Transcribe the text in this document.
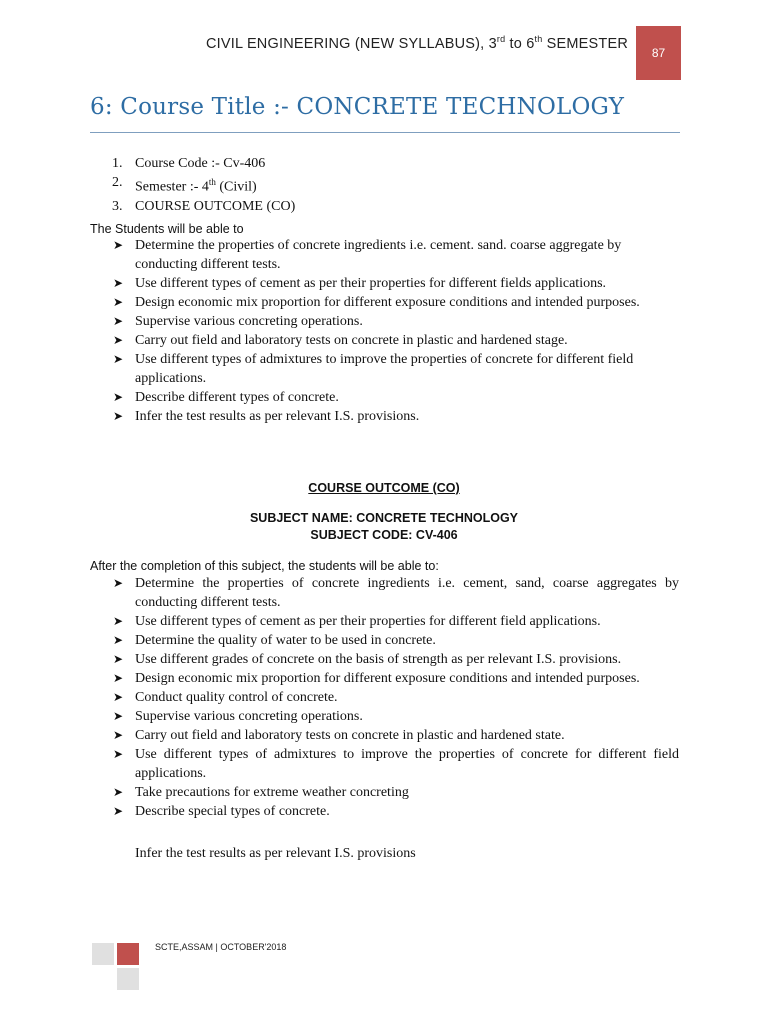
CIVIL ENGINEERING (NEW SYLLABUS), 3rd to 6th SEMESTER
87
6: Course Title :- CONCRETE TECHNOLOGY
1. Course Code :- Cv-406
2. Semester :- 4th (Civil)
3. COURSE OUTCOME (CO)
The Students will be able to
➤ Determine the properties of concrete ingredients i.e. cement. sand. coarse aggregate by conducting different tests.
➤ Use different types of cement as per their properties for different fields applications.
➤ Design economic mix proportion for different exposure conditions and intended purposes.
➤ Supervise various concreting operations.
➤ Carry out field and laboratory tests on concrete in plastic and hardened stage.
➤ Use different types of admixtures to improve the properties of concrete for different field applications.
➤ Describe different types of concrete.
➤ Infer the test results as per relevant I.S. provisions.
COURSE OUTCOME (CO)
SUBJECT NAME: CONCRETE TECHNOLOGY
SUBJECT CODE: CV-406
After the completion of this subject, the students will be able to:
➤ Determine the properties of concrete ingredients i.e. cement, sand, coarse aggregates by conducting different tests.
➤ Use different types of cement as per their properties for different field applications.
➤ Determine the quality of water to be used in concrete.
➤ Use different grades of concrete on the basis of strength as per relevant I.S. provisions.
➤ Design economic mix proportion for different exposure conditions and intended purposes.
➤ Conduct quality control of concrete.
➤ Supervise various concreting operations.
➤ Carry out field and laboratory tests on concrete in plastic and hardened state.
➤ Use different types of admixtures to improve the properties of concrete for different field applications.
➤ Take precautions for extreme weather concreting
➤ Describe special types of concrete.
Infer the test results as per relevant I.S. provisions
SCTE,ASSAM | OCTOBER'2018
